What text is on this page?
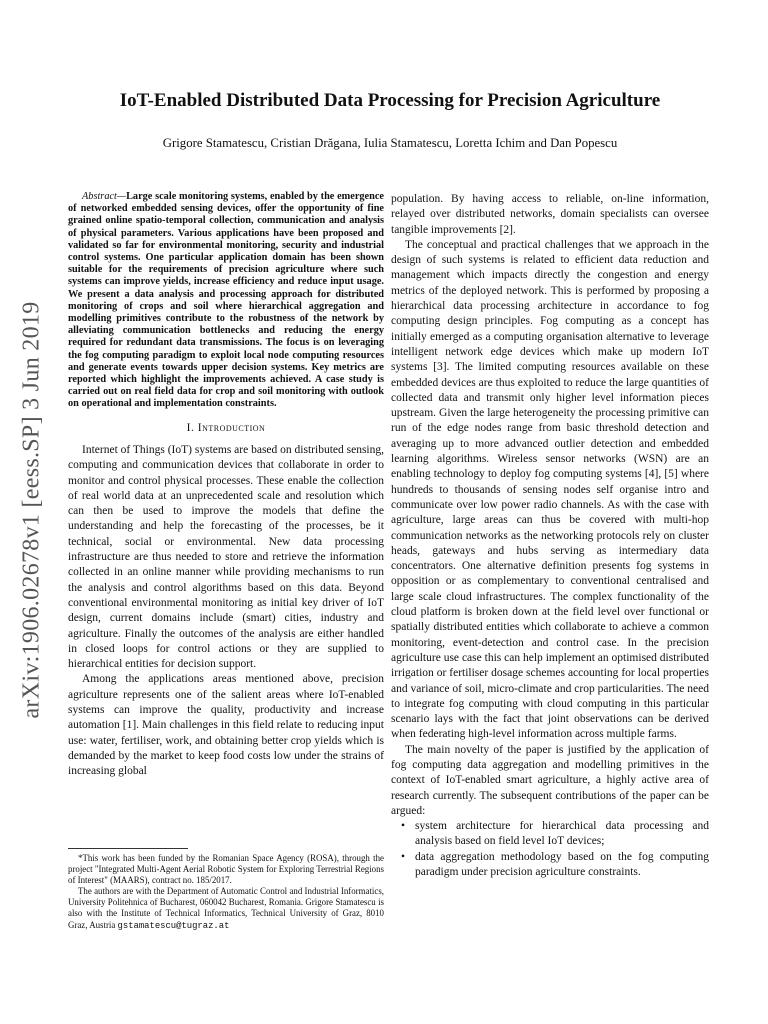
arXiv:1906.02678v1 [eess.SP] 3 Jun 2019
IoT-Enabled Distributed Data Processing for Precision Agriculture
Grigore Stamatescu, Cristian Drăgana, Iulia Stamatescu, Loretta Ichim and Dan Popescu

Abstract—Large scale monitoring systems, enabled by the emergence of networked embedded sensing devices, offer the opportunity of fine grained online spatio-temporal collection, communication and analysis of physical parameters. Various applications have been proposed and validated so far for environmental monitoring, security and industrial control systems. One particular application domain has been shown suitable for the requirements of precision agriculture where such systems can improve yields, increase efficiency and reduce input usage. We present a data analysis and processing approach for distributed monitoring of crops and soil where hierarchical aggregation and modelling primitives contribute to the robustness of the network by alleviating communication bottlenecks and reducing the energy required for redundant data transmissions. The focus is on leveraging the fog computing paradigm to exploit local node computing resources and generate events towards upper decision systems. Key metrics are reported which highlight the improvements achieved. A case study is carried out on real field data for crop and soil monitoring with outlook on operational and implementation constraints.

I. Introduction

Internet of Things (IoT) systems are based on distributed sensing, computing and communication devices that collaborate in order to monitor and control physical processes. These enable the collection of real world data at an unprecedented scale and resolution which can then be used to improve the models that define the understanding and help the forecasting of the processes, be it technical, social or environmental. New data processing infrastructure are thus needed to store and retrieve the information collected in an online manner while providing mechanisms to run the analysis and control algorithms based on this data. Beyond conventional environmental monitoring as initial key driver of IoT design, current domains include (smart) cities, industry and agriculture. Finally the outcomes of the analysis are either handled in closed loops for control actions or they are supplied to hierarchical entities for decision support.

Among the applications areas mentioned above, precision agriculture represents one of the salient areas where IoT-enabled systems can improve the quality, productivity and increase automation [1]. Main challenges in this field relate to reducing input use: water, fertiliser, work, and obtaining better crop yields which is demanded by the market to keep food costs low under the strains of increasing global

*This work has been funded by the Romanian Space Agency (ROSA), through the project "Integrated Multi-Agent Aerial Robotic System for Exploring Terrestrial Regions of Interest" (MAARS), contract no. 185/2017.

The authors are with the Department of Automatic Control and Industrial Informatics, University Politehnica of Bucharest, 060042 Bucharest, Romania. Grigore Stamatescu is also with the Institute of Technical Informatics, Technical University of Graz, 8010 Graz, Austria gstamatescu@tugraz.at

population. By having access to reliable, on-line information, relayed over distributed networks, domain specialists can oversee tangible improvements [2].

The conceptual and practical challenges that we approach in the design of such systems is related to efficient data reduction and management which impacts directly the congestion and energy metrics of the deployed network. This is performed by proposing a hierarchical data processing architecture in accordance to fog computing design principles. Fog computing as a concept has initially emerged as a computing organisation alternative to leverage intelligent network edge devices which make up modern IoT systems [3]. The limited computing resources available on these embedded devices are thus exploited to reduce the large quantities of collected data and transmit only higher level information pieces upstream. Given the large heterogeneity the processing primitive can run of the edge nodes range from basic threshold detection and averaging up to more advanced outlier detection and embedded learning algorithms. Wireless sensor networks (WSN) are an enabling technology to deploy fog computing systems [4], [5] where hundreds to thousands of sensing nodes self organise intro and communicate over low power radio channels. As with the case with agriculture, large areas can thus be covered with multi-hop communication networks as the networking protocols rely on cluster heads, gateways and hubs serving as intermediary data concentrators. One alternative definition presents fog systems in opposition or as complementary to conventional centralised and large scale cloud infrastructures. The complex functionality of the cloud platform is broken down at the field level over functional or spatially distributed entities which collaborate to achieve a common monitoring, event-detection and control case. In the precision agriculture use case this can help implement an optimised distributed irrigation or fertiliser dosage schemes accounting for local properties and variance of soil, micro-climate and crop particularities. The need to integrate fog computing with cloud computing in this particular scenario lays with the fact that joint observations can be derived when federating high-level information across multiple farms.

The main novelty of the paper is justified by the application of fog computing data aggregation and modelling primitives in the context of IoT-enabled smart agriculture, a highly active area of research currently. The subsequent contributions of the paper can be argued:

• system architecture for hierarchical data processing and analysis based on field level IoT devices;
• data aggregation methodology based on the fog computing paradigm under precision agriculture constraints.
